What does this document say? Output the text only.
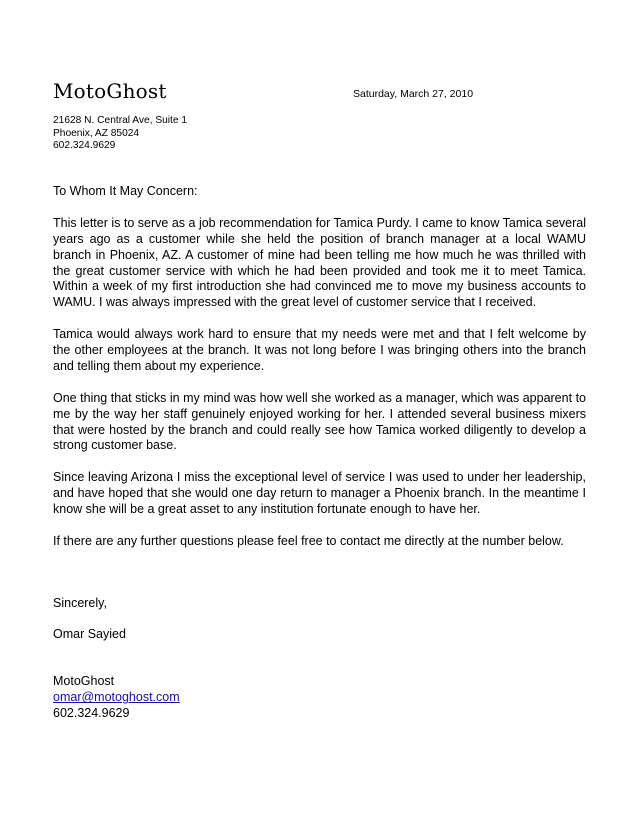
MotoGhost	Saturday, March 27, 2010
21628 N. Central Ave, Suite 1
Phoenix, AZ 85024
602.324.9629

To Whom It May Concern:

This letter is to serve as a job recommendation for Tamica Purdy. I came to know Tamica several years ago as a customer while she held the position of branch manager at a local WAMU branch in Phoenix, AZ. A customer of mine had been telling me how much he was thrilled with the great customer service with which he had been provided and took me it to meet Tamica. Within a week of my first introduction she had convinced me to move my business accounts to WAMU. I was always impressed with the great level of customer service that I received.

Tamica would always work hard to ensure that my needs were met and that I felt welcome by the other employees at the branch. It was not long before I was bringing others into the branch and telling them about my experience.

One thing that sticks in my mind was how well she worked as a manager, which was apparent to me by the way her staff genuinely enjoyed working for her. I attended several business mixers that were hosted by the branch and could really see how Tamica worked diligently to develop a strong customer base.

Since leaving Arizona I miss the exceptional level of service I was used to under her leadership, and have hoped that she would one day return to manager a Phoenix branch. In the meantime I know she will be a great asset to any institution fortunate enough to have her.

If there are any further questions please feel free to contact me directly at the number below.

Sincerely,

Omar Sayied

MotoGhost
omar@motoghost.com
602.324.9629
